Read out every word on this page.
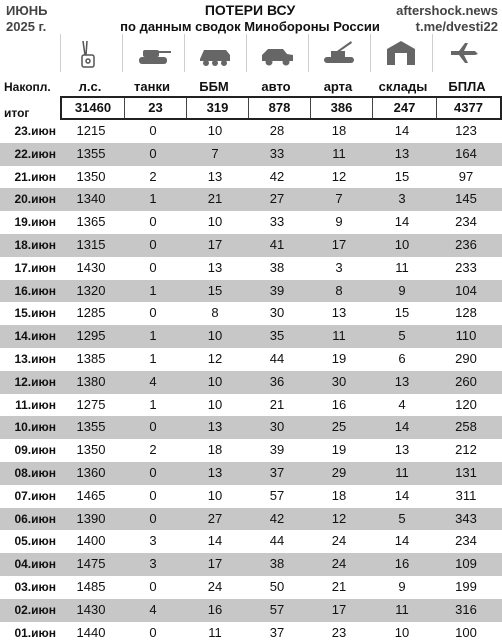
ИЮНЬ
2025 г.
ПОТЕРИ ВСУ
по данным сводок Минобороны России
aftershock.news
t.me/dvesti22
Накопл.	л.с.	танки	ББМ	авто	арта	склады	БПЛА
итог	31460	23	319	878	386	247	4377
23.июн	1215	0	10	28	18	14	123
22.июн	1355	0	7	33	11	13	164
21.июн	1350	2	13	42	12	15	97
20.июн	1340	1	21	27	7	3	145
19.июн	1365	0	10	33	9	14	234
18.июн	1315	0	17	41	17	10	236
17.июн	1430	0	13	38	3	11	233
16.июн	1320	1	15	39	8	9	104
15.июн	1285	0	8	30	13	15	128
14.июн	1295	1	10	35	11	5	110
13.июн	1385	1	12	44	19	6	290
12.июн	1380	4	10	36	30	13	260
11.июн	1275	1	10	21	16	4	120
10.июн	1355	0	13	30	25	14	258
09.июн	1350	2	18	39	19	13	212
08.июн	1360	0	13	37	29	11	131
07.июн	1465	0	10	57	18	14	311
06.июн	1390	0	27	42	12	5	343
05.июн	1400	3	14	44	24	14	234
04.июн	1475	3	17	38	24	16	109
03.июн	1485	0	24	50	21	9	199
02.июн	1430	4	16	57	17	11	316
01.июн	1440	0	11	37	23	10	100
